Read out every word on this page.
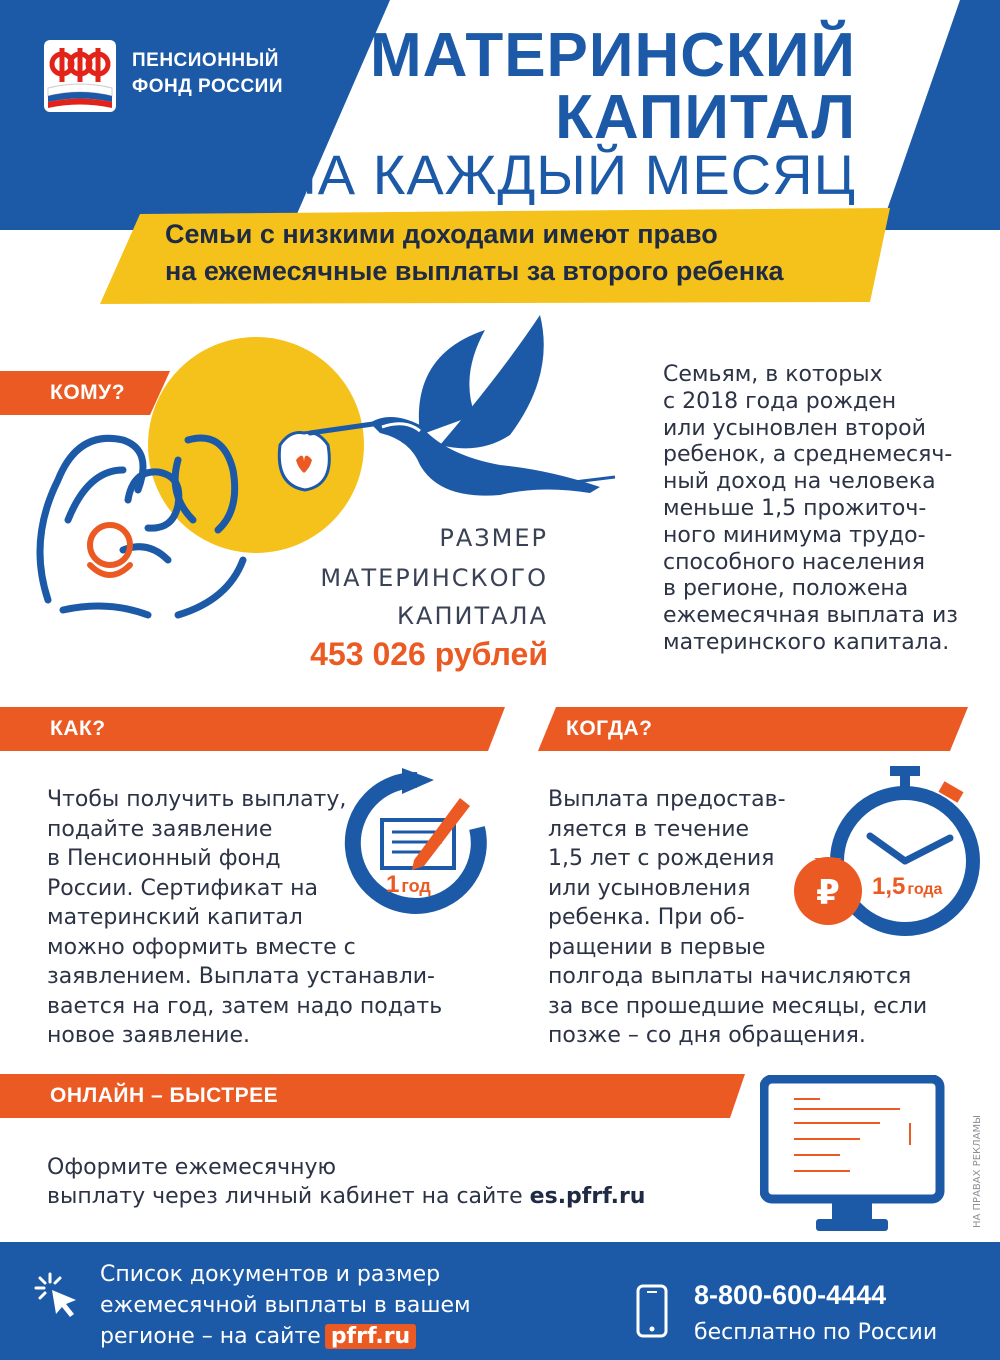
ПЕНСИОННЫЙ
ФОНД РОССИИ МАТЕРИНСКИЙ
КАПИТАЛ
НА КАЖДЫЙ МЕСЯЦ
Семьи с низкими доходами имеют право
на ежемесячные выплаты за второго ребенка
КОМУ?
РАЗМЕР
МАТЕРИНСКОГО
КАПИТАЛА
453 026 рублей
Семьям, в которых
с 2018 года рожден
или усыновлен второй
ребенок, а среднемесяч-
ный доход на человека
меньше 1,5 прожиточ-
ного минимума трудо-
способного населения
в регионе, положена
ежемесячная выплата из
материнского капитала.
КАК?	КОГДА?
Чтобы получить выплату,
подайте заявление
в Пенсионный фонд
России. Сертификат на
материнский капитал
можно оформить вместе с
заявлением. Выплата устанавли-
вается на год, затем надо подать
новое заявление.
1 год
Выплата предостав-
ляется в течение
1,5 лет с рождения
или усыновления
ребенка. При об-
ращении в первые
полгода выплаты начисляются
за все прошедшие месяцы, если
позже – со дня обращения.
₽ 1,5 года
ОНЛАЙН – БЫСТРЕЕ
Оформите ежемесячную
выплату через личный кабинет на сайте es.pfrf.ru	НА ПРАВАХ РЕКЛАМЫ
Список документов и размер
ежемесячной выплаты в вашем
регионе – на сайте pfrf.ru
8-800-600-4444
бесплатно по России
